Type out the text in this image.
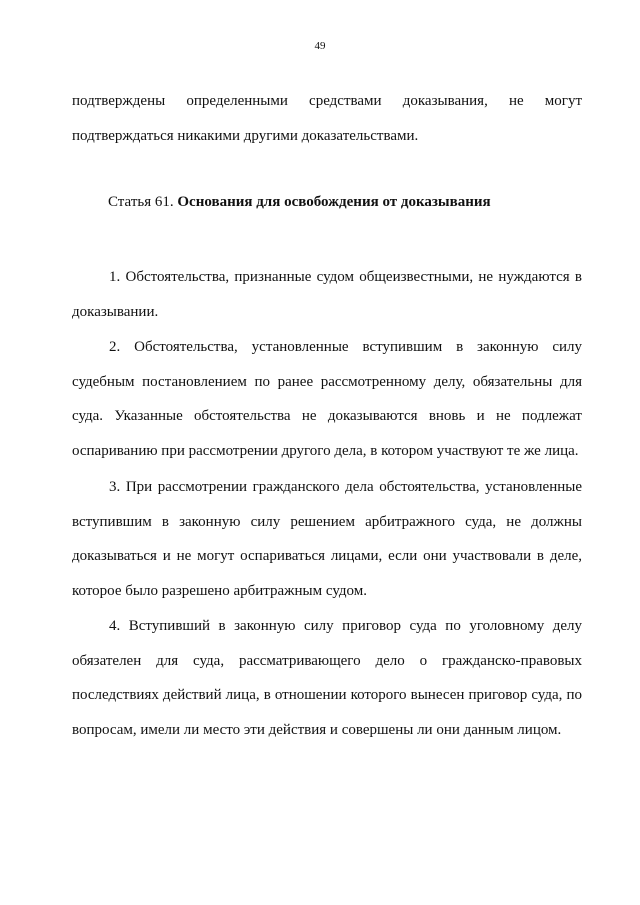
49
подтверждены определенными средствами доказывания, не могут
подтверждаться никакими другими доказательствами.
Статья 61. Основания для освобождения от доказывания
1. Обстоятельства, признанные судом общеизвестными, не нуждаются в
доказывании.
2. Обстоятельства, установленные вступившим в законную силу
судебным постановлением по ранее рассмотренному делу, обязательны для
суда. Указанные обстоятельства не доказываются вновь и не подлежат
оспариванию при рассмотрении другого дела, в котором участвуют те же лица.
3. При рассмотрении гражданского дела обстоятельства, установленные
вступившим в законную силу решением арбитражного суда, не должны
доказываться и не могут оспариваться лицами, если они участвовали в деле,
которое было разрешено арбитражным судом.
4. Вступивший в законную силу приговор суда по уголовному делу
обязателен для суда, рассматривающего дело о гражданско-правовых
последствиях действий лица, в отношении которого вынесен приговор суда, по
вопросам, имели ли место эти действия и совершены ли они данным лицом.
